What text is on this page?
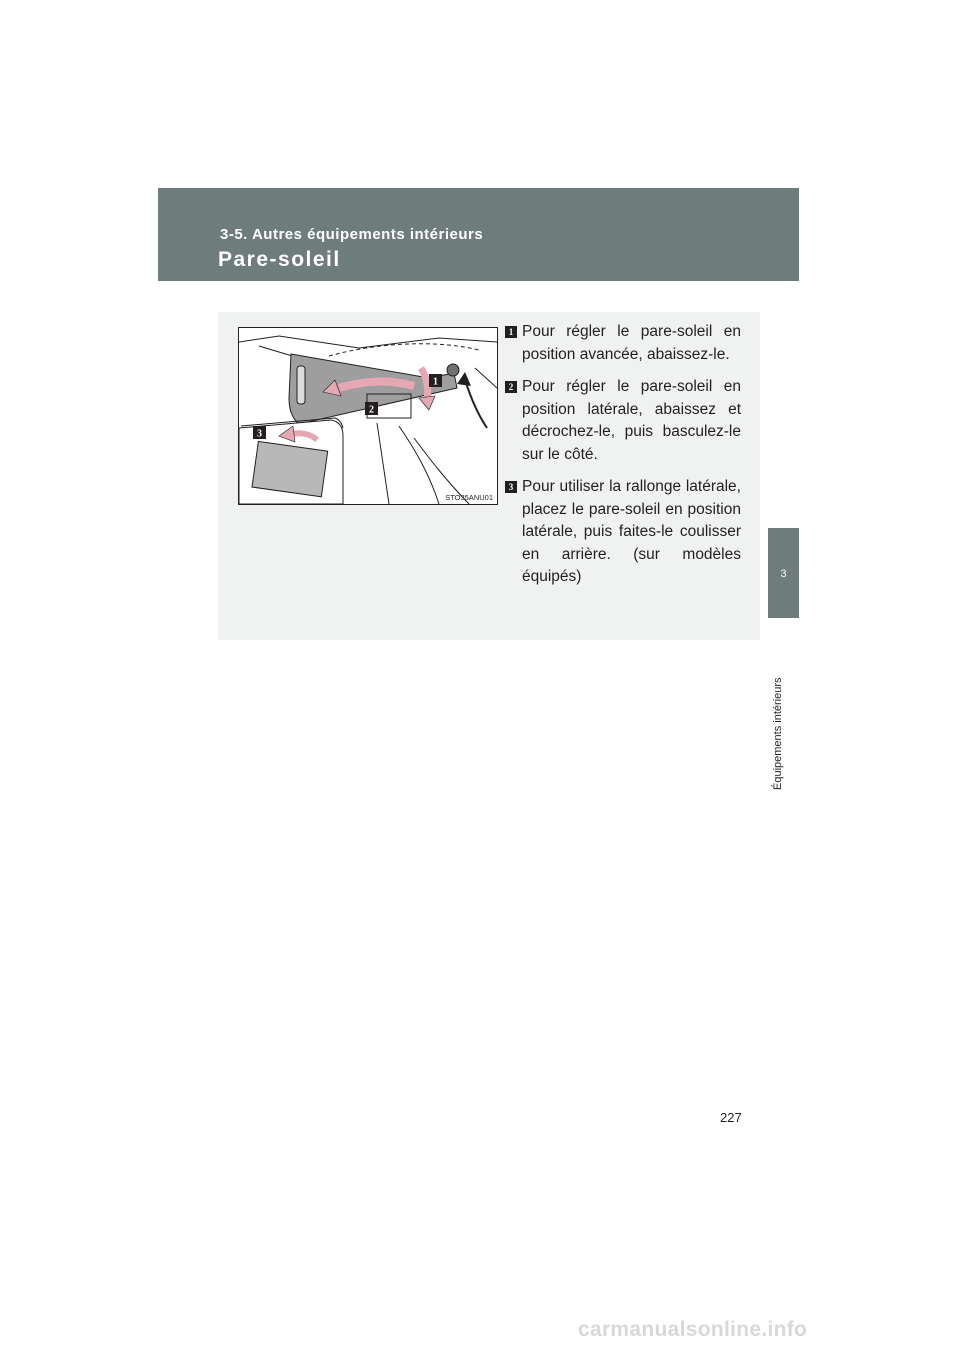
3-5. Autres équipements intérieurs
Pare-soleil
3
Équipements intérieurs
1
2
3
STO35ANU01
1 Pour régler le pare-soleil en position avancée, abaissez-le.
2 Pour régler le pare-soleil en position latérale, abaissez et décrochez-le, puis basculez-le sur le côté.
3 Pour utiliser la rallonge latérale, placez le pare-soleil en position latérale, puis faites-le coulisser en arrière. (sur modèles équipés)
227
carmanualsonline.info
